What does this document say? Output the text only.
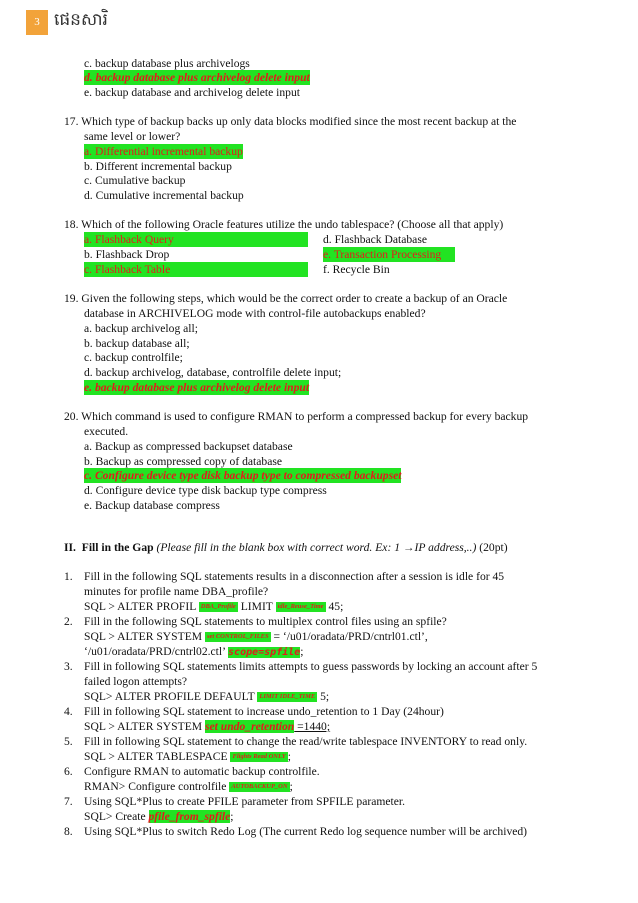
3 ផេនសារិ
c. backup database plus archivelogs
d. backup database plus archivelog delete input
e. backup database and archivelog delete input
17. Which type of backup backs up only data blocks modified since the most recent backup at the
same level or lower?
a. Differential incremental backup
b. Different incremental backup
c. Cumulative backup
d. Cumulative incremental backup
18. Which of the following Oracle features utilize the undo tablespace? (Choose all that apply)
a. Flashback Query
b. Flashback Drop
c. Flashback Table
d. Flashback Database
e. Transaction Processing
f. Recycle Bin
19. Given the following steps, which would be the correct order to create a backup of an Oracle
database in ARCHIVELOG mode with control-file autobackups enabled?
a. backup archivelog all;
b. backup database all;
c. backup controlfile;
d. backup archivelog, database, controlfile delete input;
e. backup database plus archivelog delete input
20. Which command is used to configure RMAN to perform a compressed backup for every backup
executed.
a. Backup as compressed backupset database
b. Backup as compressed copy of database
c. Configure device type disk backup type to compressed backupset
d. Configure device type disk backup type compress
e. Backup database compress
II. Fill in the Gap (Please fill in the blank box with correct word. Ex: 1 →IP address,..) (20pt)
1. Fill in the following SQL statements results in a disconnection after a session is idle for 45
minutes for profile name DBA_profile?
SQL > ALTER PROFIL DBA_Profile LIMIT idle_Reuse_Time 45;
2. Fill in the following SQL statements to multiplex control files using an spfile?
SQL > ALTER SYSTEM set CONTROL_FILES = ‘/u01/oradata/PRD/cntrl01.ctl’,
‘/u01/oradata/PRD/cntrl02.ctl’ scope=spfile;
3. Fill in following SQL statements limits attempts to guess passwords by locking an account after 5
failed logon attempts?
SQL> ALTER PROFILE DEFAULT LIMIT IDLE_TIME 5;
4. Fill in following SQL statement to increase undo_retention to 1 Day (24hour)
SQL > ALTER SYSTEM set undo_retention =1440;
5. Fill in following SQL statement to change the read/write tablespace INVENTORY to read only.
SQL > ALTER TABLESPACE Flights Read ONLY ;
6. Configure RMAN to automatic backup controlfile.
RMAN> Configure controlfile AUTOBACKUP_ON ;
7. Using SQL*Plus to create PFILE parameter from SPFILE parameter.
SQL> Create pfile_from_spfile;
8. Using SQL*Plus to switch Redo Log (The current Redo log sequence number will be archived)
